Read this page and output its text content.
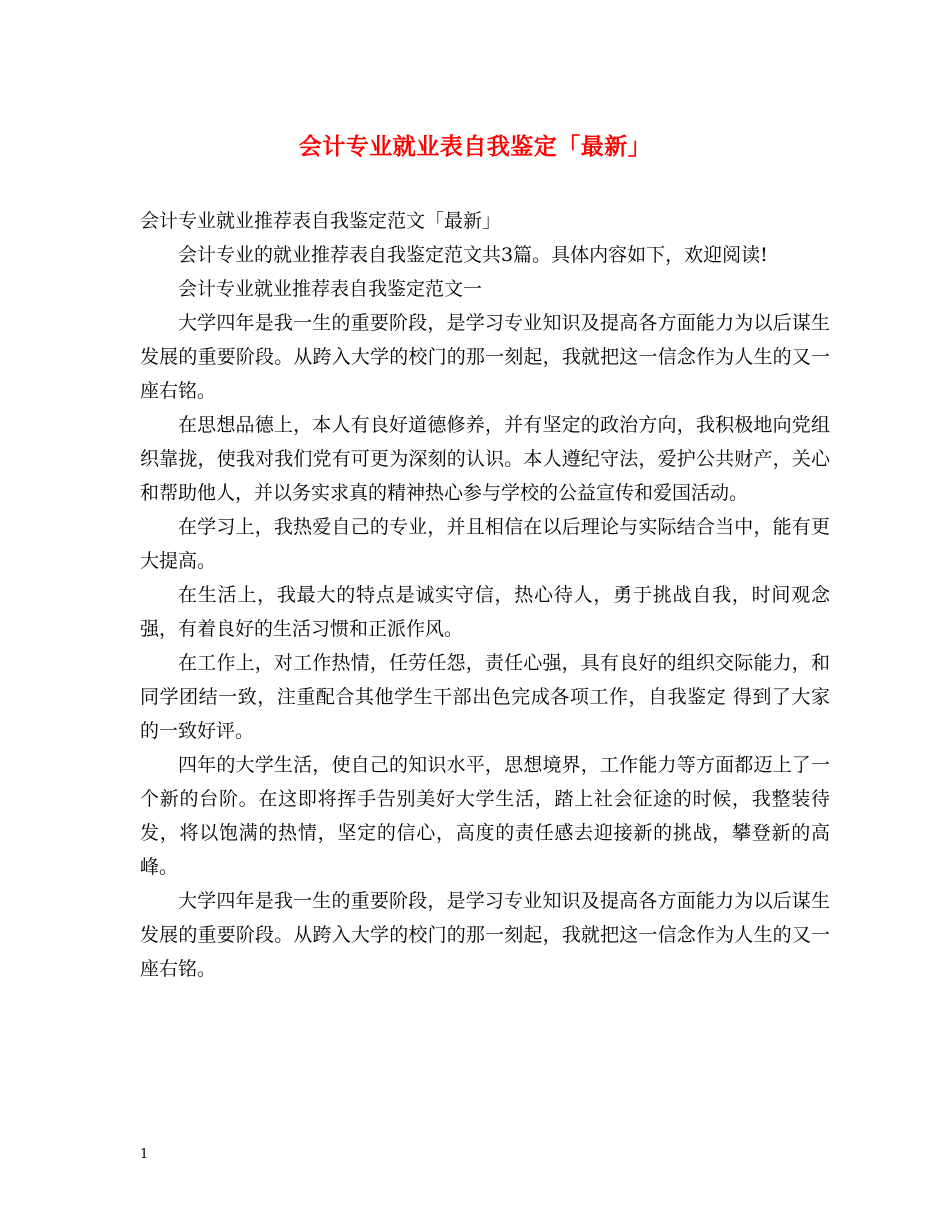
会计专业就业表自我鉴定「最新」

会计专业就业推荐表自我鉴定范文「最新」

会计专业的就业推荐表自我鉴定范文共3篇。具体内容如下，欢迎阅读!

会计专业就业推荐表自我鉴定范文一

大学四年是我一生的重要阶段，是学习专业知识及提高各方面能力为以后谋生发展的重要阶段。从跨入大学的校门的那一刻起，我就把这一信念作为人生的又一座右铭。

在思想品德上，本人有良好道德修养，并有坚定的政治方向，我积极地向党组织靠拢，使我对我们党有可更为深刻的认识。本人遵纪守法，爱护公共财产，关心和帮助他人，并以务实求真的精神热心参与学校的公益宣传和爱国活动。

在学习上，我热爱自己的专业，并且相信在以后理论与实际结合当中，能有更大提高。

在生活上，我最大的特点是诚实守信，热心待人，勇于挑战自我，时间观念强，有着良好的生活习惯和正派作风。

在工作上，对工作热情，任劳任怨，责任心强，具有良好的组织交际能力，和同学团结一致，注重配合其他学生干部出色完成各项工作，自我鉴定 得到了大家的一致好评。

四年的大学生活，使自己的知识水平，思想境界，工作能力等方面都迈上了一个新的台阶。在这即将挥手告别美好大学生活，踏上社会征途的时候，我整装待发，将以饱满的热情，坚定的信心，高度的责任感去迎接新的挑战，攀登新的高峰。

大学四年是我一生的重要阶段，是学习专业知识及提高各方面能力为以后谋生发展的重要阶段。从跨入大学的校门的那一刻起，我就把这一信念作为人生的又一座右铭。

1
